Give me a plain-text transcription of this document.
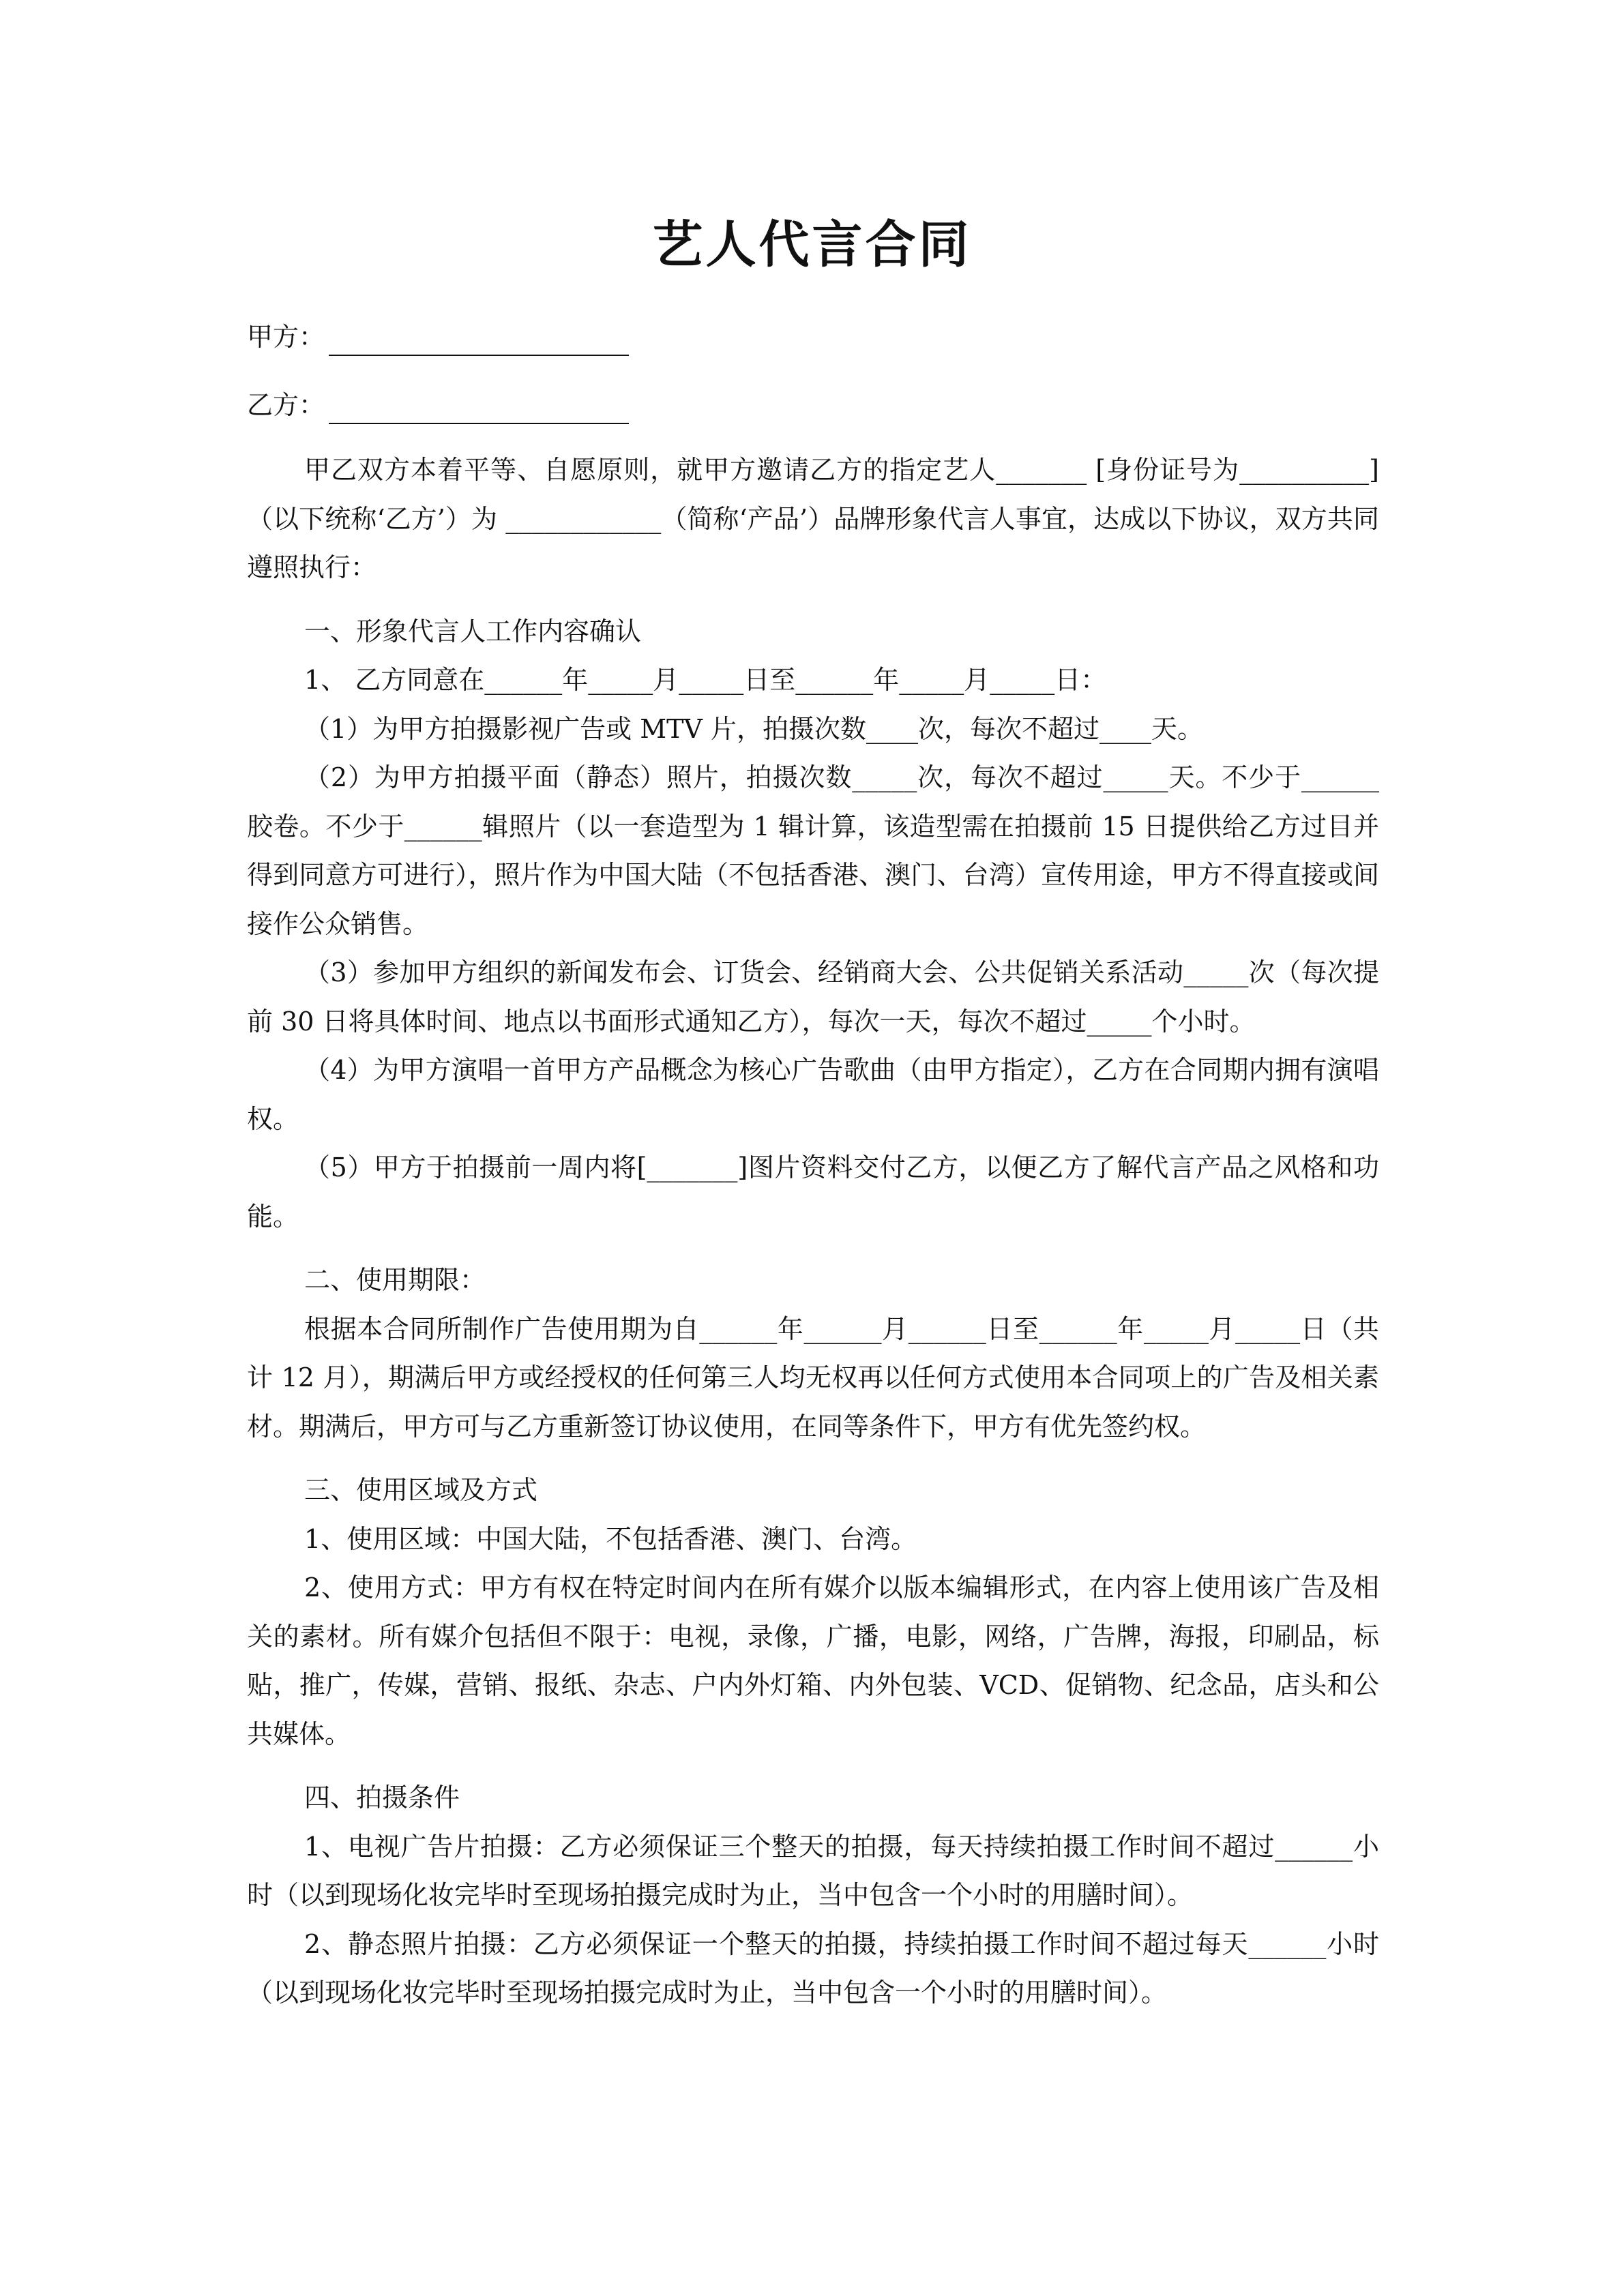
艺人代言合同
甲方：
乙方：

甲乙双方本着平等、自愿原则，就甲方邀请乙方的指定艺人_______ [身份证号为__________]（以下统称‘乙方’）为 ____________（简称‘产品’）品牌形象代言人事宜，达成以下协议，双方共同遵照执行：

一、形象代言人工作内容确认

1、 乙方同意在______年_____月_____日至______年_____月_____日：

（1）为甲方拍摄影视广告或 MTV 片，拍摄次数____次，每次不超过____天。

（2）为甲方拍摄平面（静态）照片，拍摄次数_____次，每次不超过_____天。不少于______胶卷。不少于______辑照片（以一套造型为 1 辑计算，该造型需在拍摄前 15 日提供给乙方过目并得到同意方可进行），照片作为中国大陆（不包括香港、澳门、台湾）宣传用途，甲方不得直接或间接作公众销售。

（3）参加甲方组织的新闻发布会、订货会、经销商大会、公共促销关系活动_____次（每次提前 30 日将具体时间、地点以书面形式通知乙方），每次一天，每次不超过_____个小时。

（4）为甲方演唱一首甲方产品概念为核心广告歌曲（由甲方指定），乙方在合同期内拥有演唱权。

（5）甲方于拍摄前一周内将[_______]图片资料交付乙方，以便乙方了解代言产品之风格和功能。

二、使用期限：

根据本合同所制作广告使用期为自______年______月______日至______年_____月_____日（共计 12 月），期满后甲方或经授权的任何第三人均无权再以任何方式使用本合同项上的广告及相关素材。期满后，甲方可与乙方重新签订协议使用，在同等条件下，甲方有优先签约权。

三、使用区域及方式

1、使用区域：中国大陆，不包括香港、澳门、台湾。

2、使用方式：甲方有权在特定时间内在所有媒介以版本编辑形式，在内容上使用该广告及相关的素材。所有媒介包括但不限于：电视，录像，广播，电影，网络，广告牌，海报，印刷品，标贴，推广，传媒，营销、报纸、杂志、户内外灯箱、内外包装、VCD、促销物、纪念品，店头和公共媒体。

四、拍摄条件

1、电视广告片拍摄：乙方必须保证三个整天的拍摄，每天持续拍摄工作时间不超过______小时（以到现场化妆完毕时至现场拍摄完成时为止，当中包含一个小时的用膳时间）。

2、静态照片拍摄：乙方必须保证一个整天的拍摄，持续拍摄工作时间不超过每天______小时（以到现场化妆完毕时至现场拍摄完成时为止，当中包含一个小时的用膳时间）。
